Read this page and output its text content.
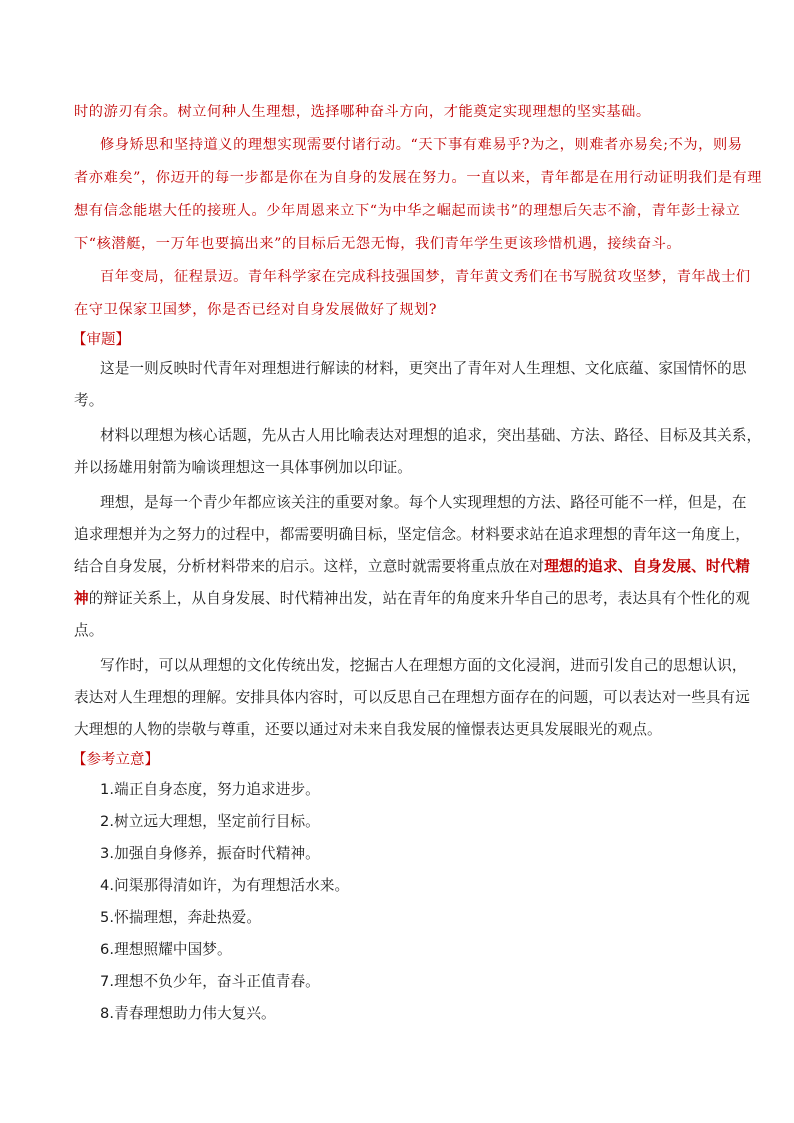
时的游刃有余。树立何种人生理想，选择哪种奋斗方向，才能奠定实现理想的坚实基础。
修身矫思和坚持道义的理想实现需要付诸行动。“天下事有难易乎?为之，则难者亦易矣;不为，则易
者亦难矣”，你迈开的每一步都是你在为自身的发展在努力。一直以来，青年都是在用行动证明我们是有理
想有信念能堪大任的接班人。少年周恩来立下“为中华之崛起而读书”的理想后矢志不渝，青年彭士禄立
下“核潜艇，一万年也要搞出来”的目标后无怨无悔，我们青年学生更该珍惜机遇，接续奋斗。
百年变局，征程景迈。青年科学家在完成科技强国梦，青年黄文秀们在书写脱贫攻坚梦，青年战士们
在守卫保家卫国梦，你是否已经对自身发展做好了规划?
【审题】
这是一则反映时代青年对理想进行解读的材料，更突出了青年对人生理想、文化底蕴、家国情怀的思
考。
材料以理想为核心话题，先从古人用比喻表达对理想的追求，突出基础、方法、路径、目标及其关系，
并以扬雄用射箭为喻谈理想这一具体事例加以印证。
理想，是每一个青少年都应该关注的重要对象。每个人实现理想的方法、路径可能不一样，但是，在
追求理想并为之努力的过程中，都需要明确目标，坚定信念。材料要求站在追求理想的青年这一角度上，
结合自身发展，分析材料带来的启示。这样，立意时就需要将重点放在对理想的追求、自身发展、时代精
神的辩证关系上，从自身发展、时代精神出发，站在青年的角度来升华自己的思考，表达具有个性化的观
点。
写作时，可以从理想的文化传统出发，挖掘古人在理想方面的文化浸润，进而引发自己的思想认识，
表达对人生理想的理解。安排具体内容时，可以反思自己在理想方面存在的问题，可以表达对一些具有远
大理想的人物的崇敬与尊重，还要以通过对未来自我发展的憧憬表达更具发展眼光的观点。
【参考立意】
1.端正自身态度，努力追求进步。
2.树立远大理想，坚定前行目标。
3.加强自身修养，振奋时代精神。
4.问渠那得清如许，为有理想活水来。
5.怀揣理想，奔赴热爱。
6.理想照耀中国梦。
7.理想不负少年，奋斗正值青春。
8.青春理想助力伟大复兴。
